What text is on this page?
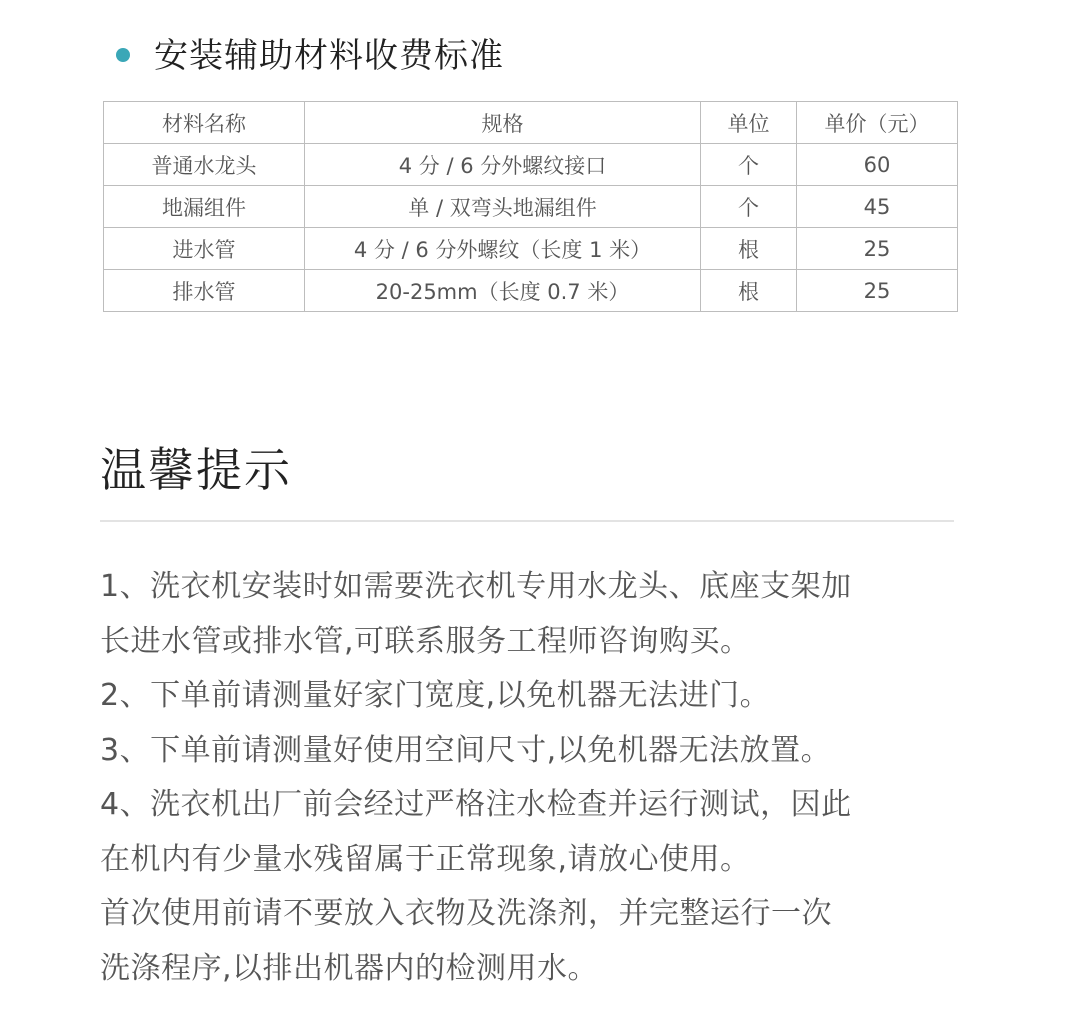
安装辅助材料收费标准
材料名称	规格	单位	单价（元）
普通水龙头	4 分 / 6 分外螺纹接口	个	60
地漏组件	单 / 双弯头地漏组件	个	45
进水管	4 分 / 6 分外螺纹（长度 1 米）	根	25
排水管	20-25mm（长度 0.7 米）	根	25
温馨提示
1、洗衣机安装时如需要洗衣机专用水龙头、底座支架加
长进水管或排水管,可联系服务工程师咨询购买。
2、下单前请测量好家门宽度,以免机器无法进门。
3、下单前请测量好使用空间尺寸,以免机器无法放置。
4、洗衣机出厂前会经过严格注水检查并运行测试，因此
在机内有少量水残留属于正常现象,请放心使用。
首次使用前请不要放入衣物及洗涤剂，并完整运行一次
洗涤程序,以排出机器内的检测用水。
